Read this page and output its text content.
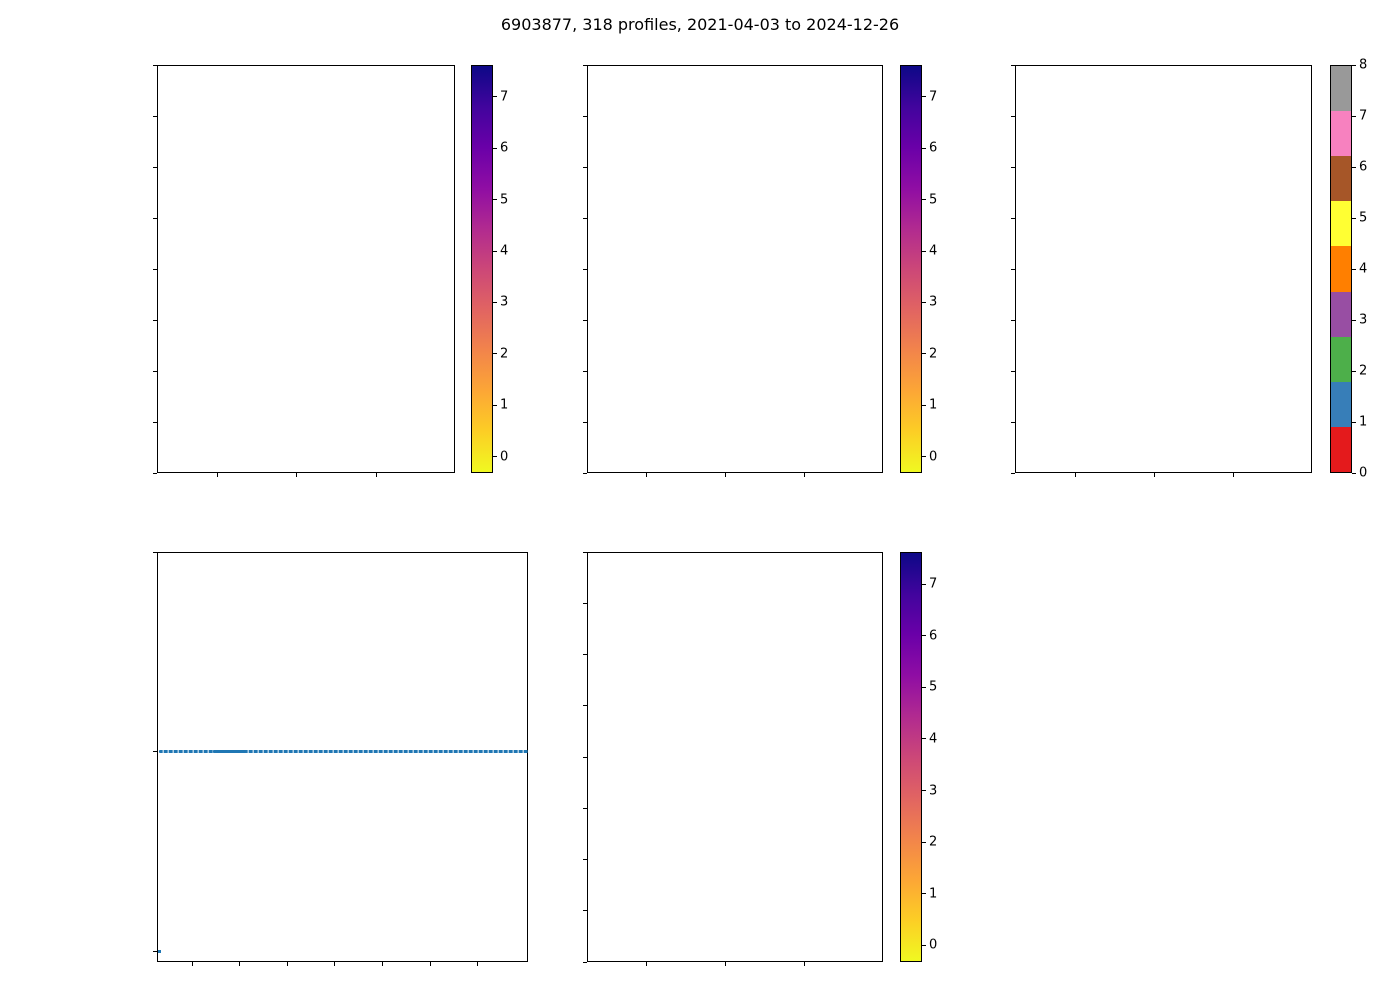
6903877, 318 profiles, 2021-04-03 to 2024-12-26
0
1
2
3
4
5
6
7
0
1
2
3
4
5
6
7
0
1
2
3
4
5
6
7
8
0
1
2
3
4
5
6
7
